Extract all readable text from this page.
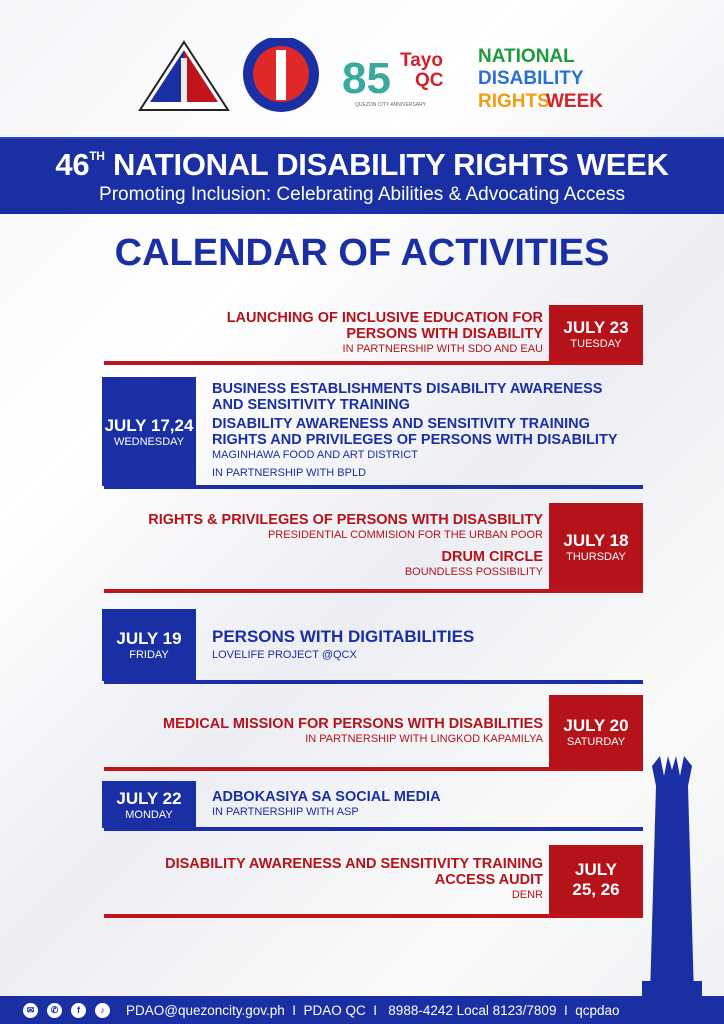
85 Tayo
QC
QUEZON CITY ANNIVERSARY
NATIONAL
DISABILITY
RIGHTS
WEEK
46TH NATIONAL DISABILITY RIGHTS WEEK

Promoting Inclusion: Celebrating Abilities & Advocating Access

CALENDAR OF ACTIVITIES
JULY 23
TUESDAY
LAUNCHING OF INCLUSIVE EDUCATION FOR
PERSONS WITH DISABILITY
IN PARTNERSHIP WITH SDO AND EAU
JULY 17,24
WEDNESDAY
BUSINESS ESTABLISHMENTS DISABILITY AWARENESS
AND SENSITIVITY TRAINING
DISABILITY AWARENESS AND SENSITIVITY TRAINING
RIGHTS AND PRIVILEGES OF PERSONS WITH DISABILITY
MAGINHAWA FOOD AND ART DISTRICT
IN PARTNERSHIP WITH BPLD
JULY 18
THURSDAY
RIGHTS & PRIVILEGES OF PERSONS WITH DISASBILITY
PRESIDENTIAL COMMISION FOR THE URBAN POOR
DRUM CIRCLE
BOUNDLESS POSSIBILITY
JULY 19
FRIDAY
PERSONS WITH DIGITABILITIES
LOVELIFE PROJECT @QCX
JULY 20
SATURDAY
MEDICAL MISSION FOR PERSONS WITH DISABILITIES
IN PARTNERSHIP WITH LINGKOD KAPAMILYA
JULY 22
MONDAY
ADBOKASIYA SA SOCIAL MEDIA
IN PARTNERSHIP WITH ASP
JULY
25, 26
DISABILITY AWARENESS AND SENSITIVITY TRAINING
ACCESS AUDIT
DENR
✉	✆	f	♪	PDAO@quezoncity.gov.ph  I  PDAO QC  I   8988-4242 Local 8123/7809  I  qcpdao
